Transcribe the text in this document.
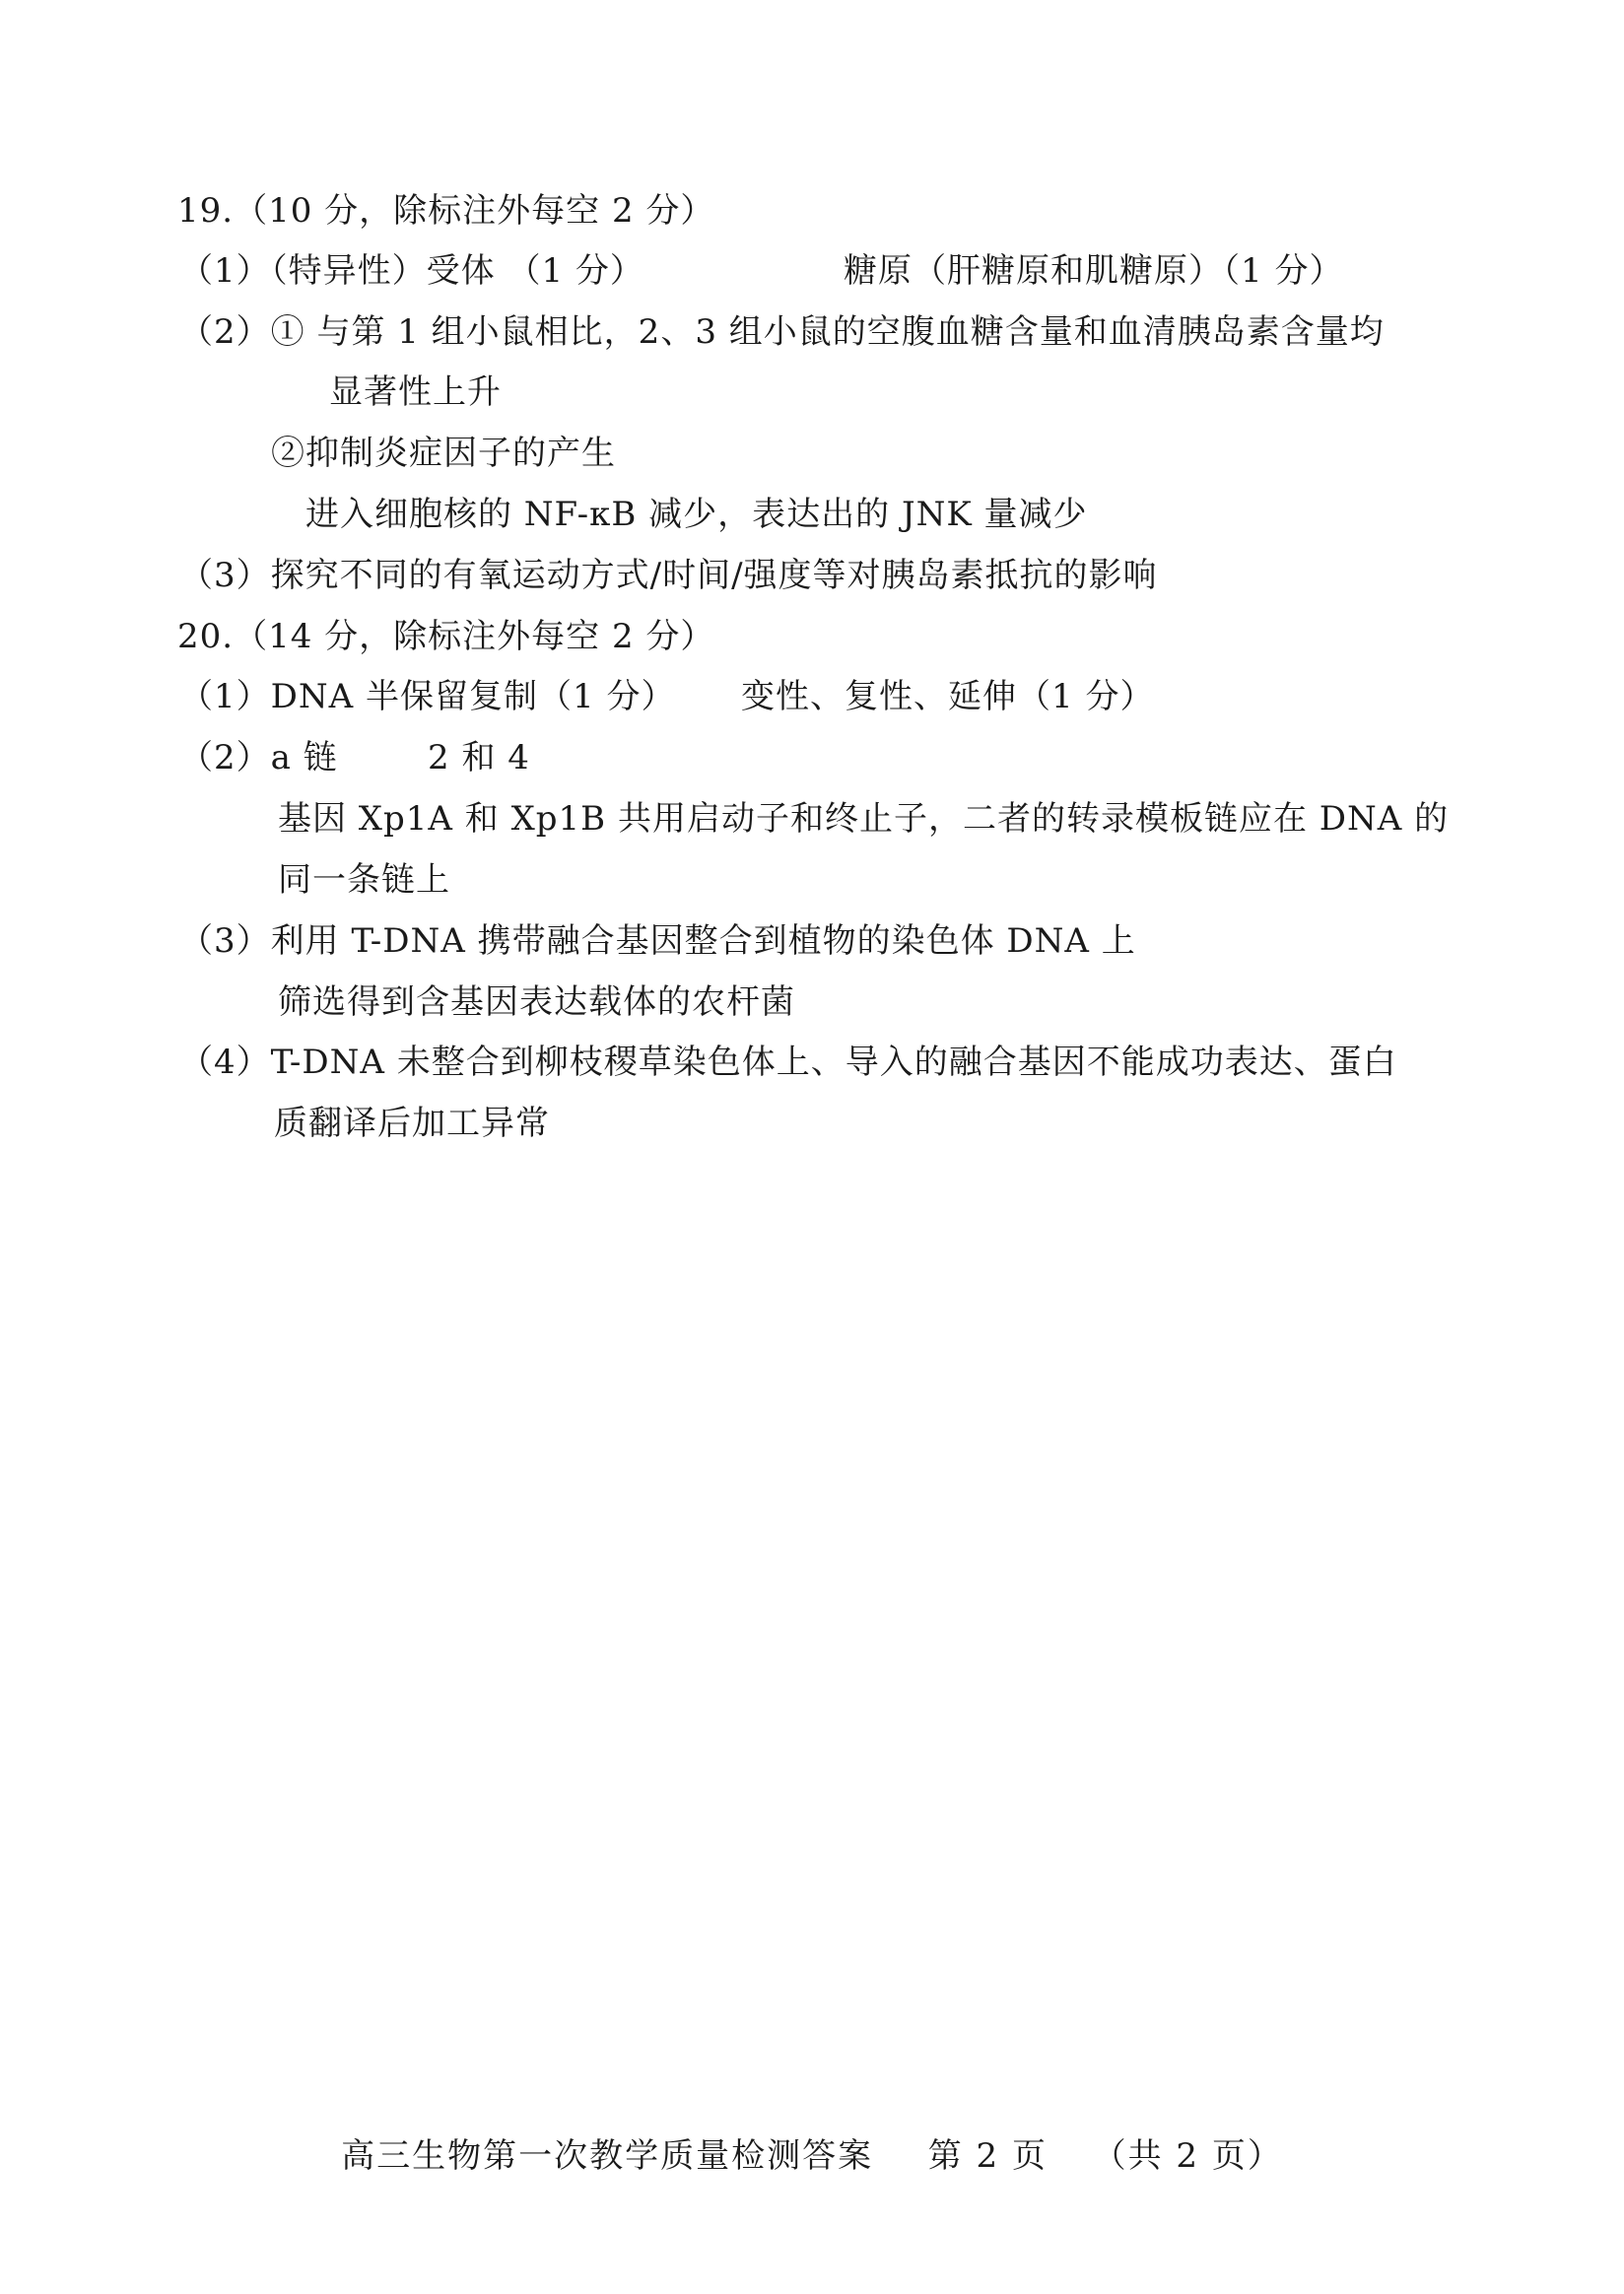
19.（10 分，除标注外每空 2 分）
（1）（特异性）受体 （1 分）	糖原（肝糖原和肌糖原）（1 分）
（2）① 与第 1 组小鼠相比，2、3 组小鼠的空腹血糖含量和血清胰岛素含量均
显著性上升
②抑制炎症因子的产生
进入细胞核的 NF-κB 减少，表达出的 JNK 量减少
（3）探究不同的有氧运动方式/时间/强度等对胰岛素抵抗的影响
20.（14 分，除标注外每空 2 分）
（1）DNA 半保留复制（1 分） 变性、复性、延伸（1 分）
（2）a 链	2 和 4
基因 Xp1A 和 Xp1B 共用启动子和终止子，二者的转录模板链应在 DNA 的
同一条链上
（3）利用 T-DNA 携带融合基因整合到植物的染色体 DNA 上
筛选得到含基因表达载体的农杆菌
（4）T-DNA 未整合到柳枝稷草染色体上、导入的融合基因不能成功表达、蛋白
质翻译后加工异常
高三生物第一次教学质量检测答案 第 2 页 （共 2 页）
